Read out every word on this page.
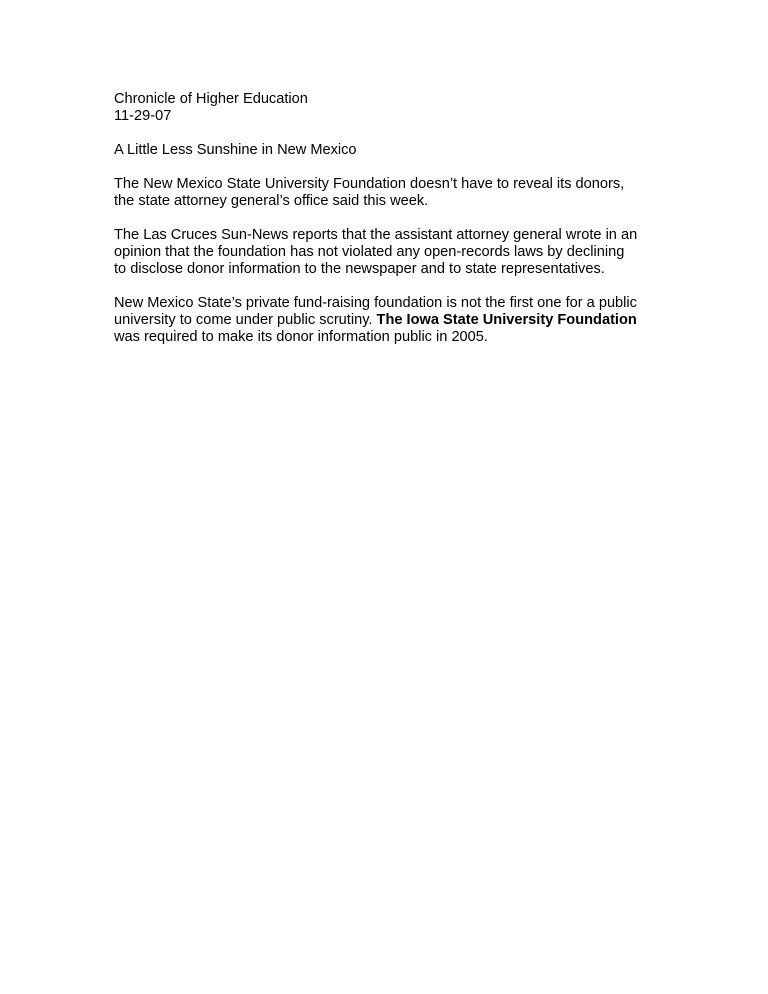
Chronicle of Higher Education
11-29-07
A Little Less Sunshine in New Mexico
The New Mexico State University Foundation doesn’t have to reveal its donors,
the state attorney general’s office said this week.
The Las Cruces Sun-News reports that the assistant attorney general wrote in an
opinion that the foundation has not violated any open-records laws by declining
to disclose donor information to the newspaper and to state representatives.
New Mexico State’s private fund-raising foundation is not the first one for a public
university to come under public scrutiny. The Iowa State University Foundation
was required to make its donor information public in 2005.
